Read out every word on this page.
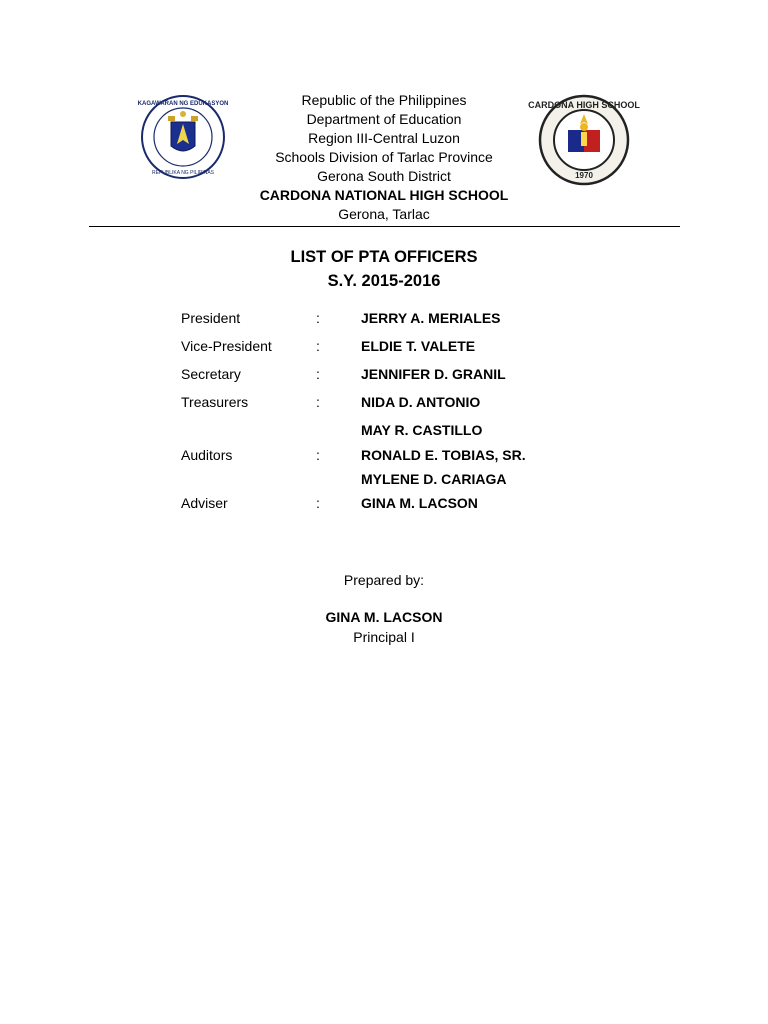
KAGAWARAN NG EDUKASYON
REPUBLIKA NG PILIPINAS
CARDONA HIGH SCHOOL
1970
Republic of the Philippines
Department of Education
Region III-Central Luzon
Schools Division of Tarlac Province
Gerona South District
CARDONA NATIONAL HIGH SCHOOL
Gerona, Tarlac
LIST OF PTA OFFICERS
S.Y. 2015-2016
President	:	JERRY A. MERIALES
Vice-President	:	ELDIE T. VALETE
Secretary	:	JENNIFER D. GRANIL
Treasurers	:	NIDA D. ANTONIO
MAY R. CASTILLO
Auditors	:	RONALD E. TOBIAS, SR.
MYLENE D. CARIAGA
Adviser	:	GINA M. LACSON
Prepared by:
GINA M. LACSON
Principal I
